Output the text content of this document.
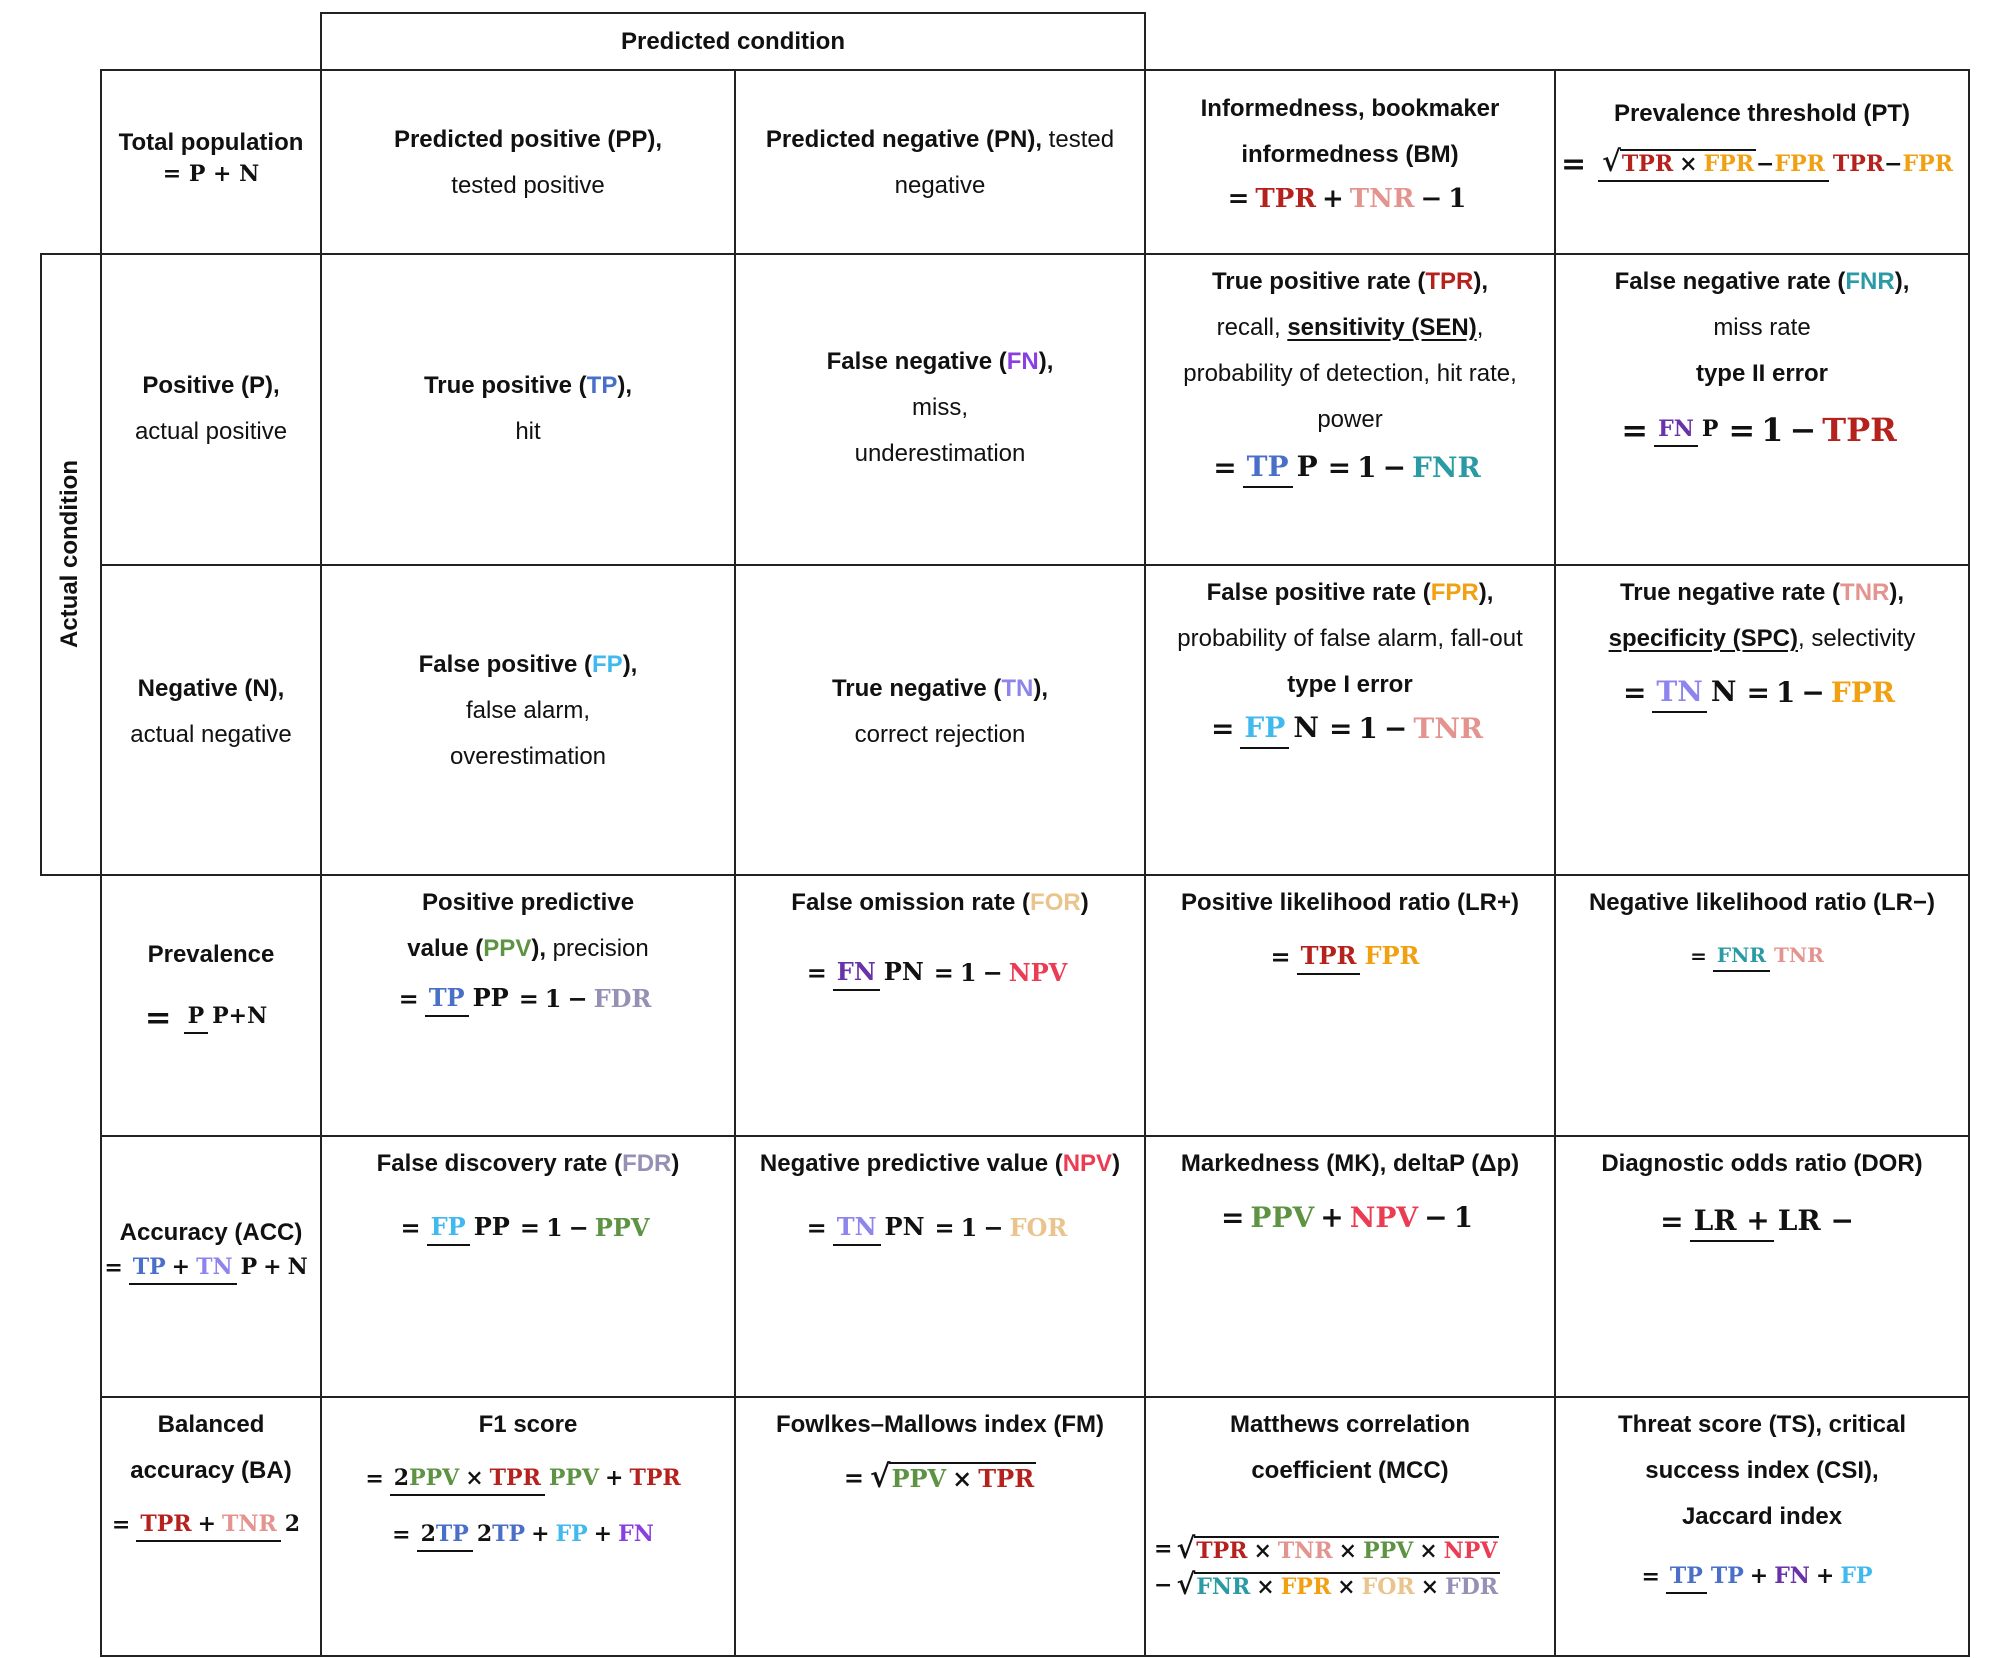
Predicted condition
Actual condition
Total population
= P + N
Predicted positive (PP),
tested positive
Predicted negative (PN), tested
negative
Informedness, bookmaker
informedness (BM)
= TPR + TNR − 1
Prevalence threshold (PT)
= √TPR × FPR−FPR TPR−FPR
Positive (P),
actual positive
True positive (TP),
hit
False negative (FN),
miss,
underestimation
True positive rate (TPR),
recall, sensitivity (SEN),
probability of detection, hit rate,
power
= TP P = 1 − FNR
False negative rate (FNR),
miss rate
type II error
= FN P = 1 − TPR
Negative (N),
actual negative
False positive (FP),
false alarm,
overestimation
True negative (TN),
correct rejection
False positive rate (FPR),
probability of false alarm, fall-out
type I error
= FP N = 1 − TNR
True negative rate (TNR),
specificity (SPC), selectivity
= TN N = 1 − FPR
Prevalence
= P P+N
Positive predictive
value (PPV), precision
= TP PP = 1 − FDR
False omission rate (FOR)
= FN PN = 1 − NPV
Positive likelihood ratio (LR+)
= TPR FPR
Negative likelihood ratio (LR−)
= FNR TNR
Accuracy (ACC)
= TP + TN P + N
False discovery rate (FDR)
= FP PP = 1 − PPV
Negative predictive value (NPV)
= TN PN = 1 − FOR
Markedness (MK), deltaP (Δp)
= PPV + NPV − 1
Diagnostic odds ratio (DOR)
= LR + LR −
Balanced
accuracy (BA)
= TPR + TNR 2
F1 score
= 2PPV × TPR PPV + TPR
= 2TP 2TP + FP + FN
Fowlkes–Mallows index (FM)
= √PPV × TPR
Matthews correlation
coefficient (MCC)
= √TPR × TNR × PPV × NPV
− √FNR × FPR × FOR × FDR
Threat score (TS), critical
success index (CSI),
Jaccard index
= TP TP + FN + FP
